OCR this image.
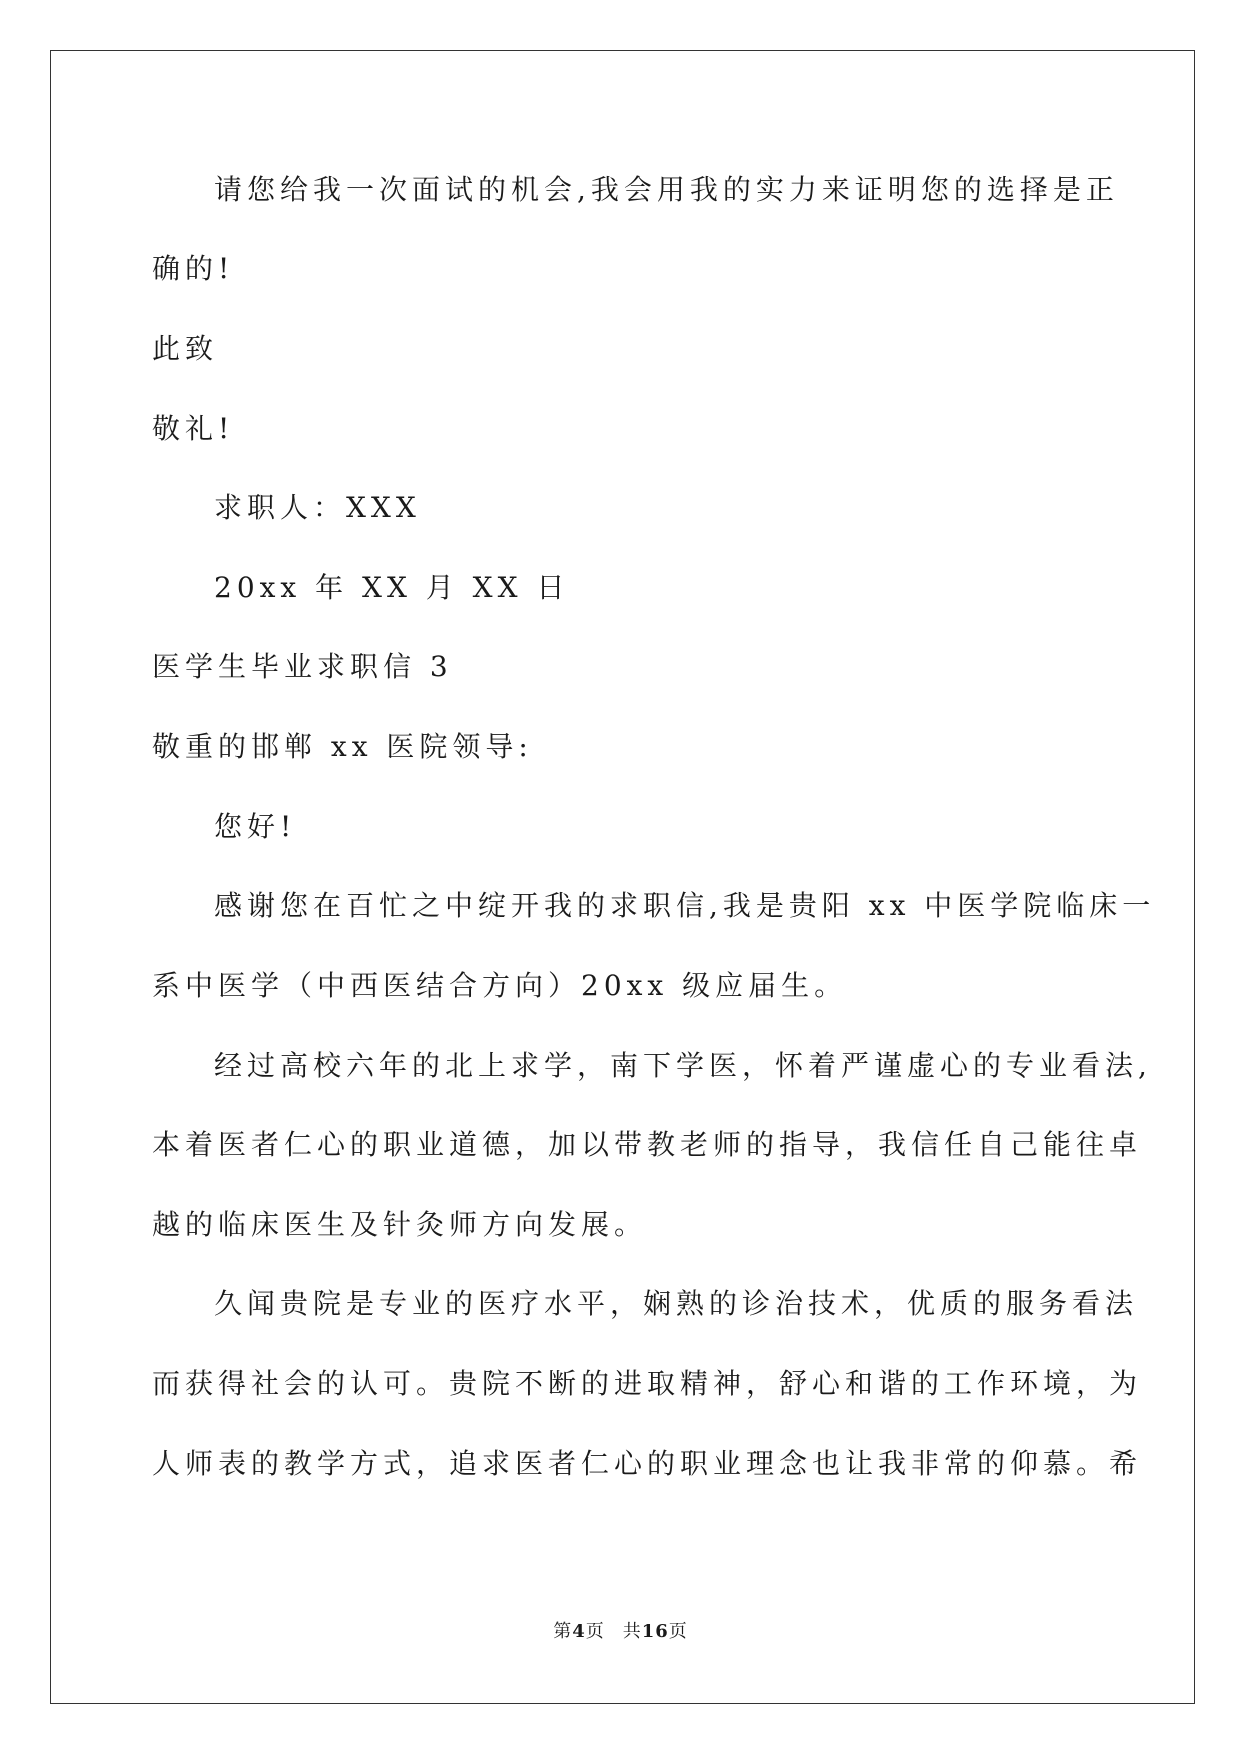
请您给我一次面试的机会,我会用我的实力来证明您的选择是正
确的!
此致
敬礼!
求职人：XXX
20xx 年 XX 月 XX 日
医学生毕业求职信 3
敬重的邯郸 xx 医院领导:
您好!
感谢您在百忙之中绽开我的求职信,我是贵阳 xx 中医学院临床一
系中医学（中西医结合方向）20xx 级应届生。
经过高校六年的北上求学，南下学医，怀着严谨虚心的专业看法,
本着医者仁心的职业道德，加以带教老师的指导，我信任自己能往卓
越的临床医生及针灸师方向发展。
久闻贵院是专业的医疗水平，娴熟的诊治技术，优质的服务看法
而获得社会的认可。贵院不断的进取精神，舒心和谐的工作环境，为
人师表的教学方式，追求医者仁心的职业理念也让我非常的仰慕。希
第4页 共16页
